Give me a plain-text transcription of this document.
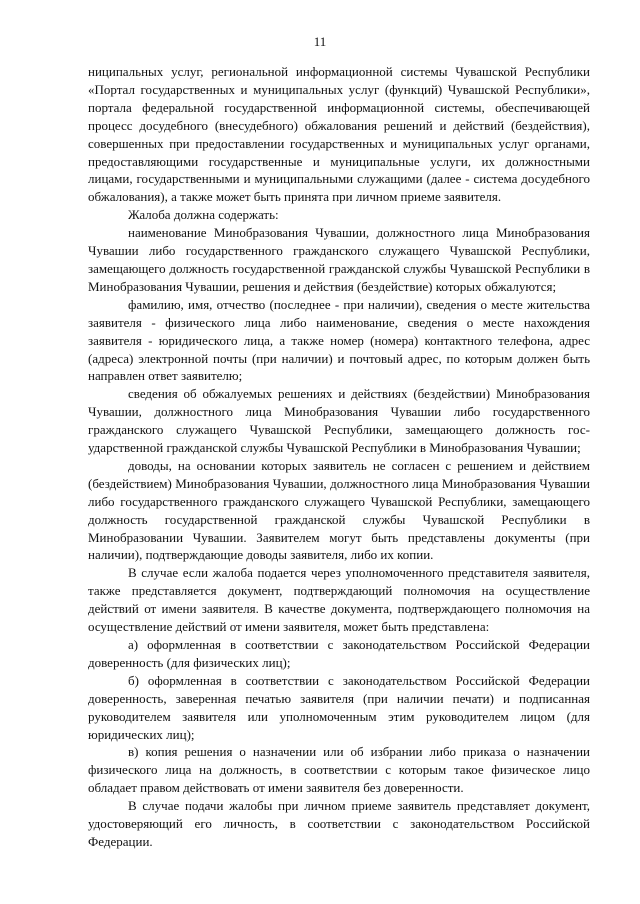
11

ниципальных услуг, региональной информационной системы Чувашской Республики «Портал государственных и муниципальных услуг (функций) Чувашской Республики», портала федеральной государственной информационной системы, обеспечивающей процесс досудебного (внесудебного) обжалования решений и действий (бездействия), совершенных при предоставлении государственных и муниципальных услуг органами, предоставляющими государственные и муниципальные услуги, их должностными лицами, государственными и муниципальными служащими (далее - система досудебного обжалования), а также может быть принята при личном приеме заявителя.

Жалоба должна содержать:

наименование Минобразования Чувашии, должностного лица Минобразования Чувашии либо государственного гражданского служащего Чувашской Республики, замещающего должность государственной гражданской службы Чувашской Республики в Минобразования Чувашии, решения и действия (бездействие) которых обжалуются;

фамилию, имя, отчество (последнее - при наличии), сведения о месте жительства заявителя - физического лица либо наименование, сведения о месте нахождения заявителя - юридического лица, а также номер (номера) контактного телефона, адрес (адреса) электронной почты (при наличии) и почтовый адрес, по которым должен быть направлен ответ заявителю;

сведения об обжалуемых решениях и действиях (бездействии) Минобразования Чувашии, должностного лица Минобразования Чувашии либо государственного гражданского служащего Чувашской Республики, замещающего должность государственной гражданской службы Чувашской Республики в Минобразования Чувашии;

доводы, на основании которых заявитель не согласен с решением и действием (бездействием) Минобразования Чувашии, должностного лица Минобразования Чувашии либо государственного гражданского служащего Чувашской Республики, замещающего должность государственной гражданской службы Чувашской Республики в Минобразовании Чувашии. Заявителем могут быть представлены документы (при наличии), подтверждающие доводы заявителя, либо их копии.

В случае если жалоба подается через уполномоченного представителя заявителя, также представляется документ, подтверждающий полномочия на осуществление действий от имени заявителя. В качестве документа, подтверждающего полномочия на осуществление действий от имени заявителя, может быть представлена:

а) оформленная в соответствии с законодательством Российской Федерации доверенность (для физических лиц);

б) оформленная в соответствии с законодательством Российской Федерации доверенность, заверенная печатью заявителя (при наличии печати) и подписанная руководителем заявителя или уполномоченным этим руководителем лицом (для юридических лиц);

в) копия решения о назначении или об избрании либо приказа о назначении физического лица на должность, в соответствии с которым такое физическое лицо обладает правом действовать от имени заявителя без доверенности.

В случае подачи жалобы при личном приеме заявитель представляет документ, удостоверяющий его личность, в соответствии с законодательством Российской Федерации.
